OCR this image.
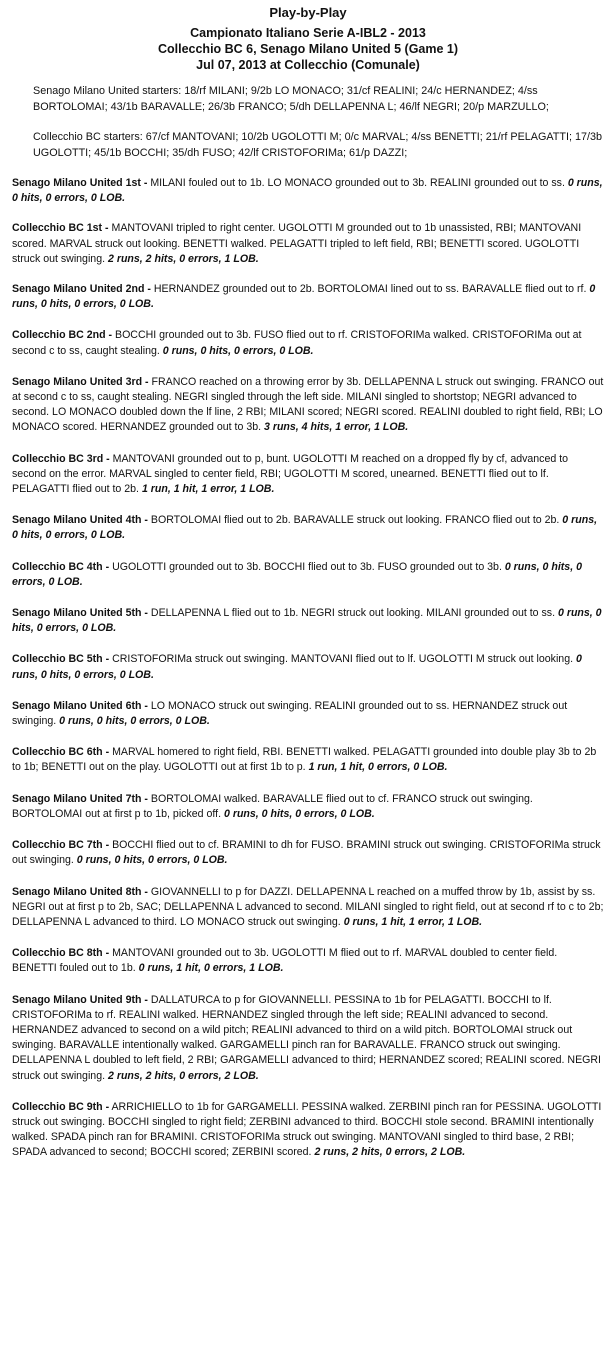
Play-by-Play
Campionato Italiano Serie A-IBL2 - 2013
Collecchio BC 6, Senago Milano United 5 (Game 1)
Jul 07, 2013 at Collecchio (Comunale)

Senago Milano United starters: 18/rf MILANI; 9/2b LO MONACO; 31/cf REALINI; 24/c HERNANDEZ; 4/ss BORTOLOMAI; 43/1b BARAVALLE; 26/3b FRANCO; 5/dh DELLAPENNA L; 46/lf NEGRI; 20/p MARZULLO;

Collecchio BC starters: 67/cf MANTOVANI; 10/2b UGOLOTTI M; 0/c MARVAL; 4/ss BENETTI; 21/rf PELAGATTI; 17/3b UGOLOTTI; 45/1b BOCCHI; 35/dh FUSO; 42/lf CRISTOFORIMa; 61/p DAZZI;

Senago Milano United 1st - MILANI fouled out to 1b. LO MONACO grounded out to 3b. REALINI grounded out to ss. 0 runs, 0 hits, 0 errors, 0 LOB.
Collecchio BC 1st - MANTOVANI tripled to right center. UGOLOTTI M grounded out to 1b unassisted, RBI; MANTOVANI scored. MARVAL struck out looking. BENETTI walked. PELAGATTI tripled to left field, RBI; BENETTI scored. UGOLOTTI struck out swinging. 2 runs, 2 hits, 0 errors, 1 LOB.
Senago Milano United 2nd - HERNANDEZ grounded out to 2b. BORTOLOMAI lined out to ss. BARAVALLE flied out to rf. 0 runs, 0 hits, 0 errors, 0 LOB.
Collecchio BC 2nd - BOCCHI grounded out to 3b. FUSO flied out to rf. CRISTOFORIMa walked. CRISTOFORIMa out at second c to ss, caught stealing. 0 runs, 0 hits, 0 errors, 0 LOB.
Senago Milano United 3rd - FRANCO reached on a throwing error by 3b. DELLAPENNA L struck out swinging. FRANCO out at second c to ss, caught stealing. NEGRI singled through the left side. MILANI singled to shortstop; NEGRI advanced to second. LO MONACO doubled down the lf line, 2 RBI; MILANI scored; NEGRI scored. REALINI doubled to right field, RBI; LO MONACO scored. HERNANDEZ grounded out to 3b. 3 runs, 4 hits, 1 error, 1 LOB.
Collecchio BC 3rd - MANTOVANI grounded out to p, bunt. UGOLOTTI M reached on a dropped fly by cf, advanced to second on the error. MARVAL singled to center field, RBI; UGOLOTTI M scored, unearned. BENETTI flied out to lf. PELAGATTI flied out to 2b. 1 run, 1 hit, 1 error, 1 LOB.
Senago Milano United 4th - BORTOLOMAI flied out to 2b. BARAVALLE struck out looking. FRANCO flied out to 2b. 0 runs, 0 hits, 0 errors, 0 LOB.
Collecchio BC 4th - UGOLOTTI grounded out to 3b. BOCCHI flied out to 3b. FUSO grounded out to 3b. 0 runs, 0 hits, 0 errors, 0 LOB.
Senago Milano United 5th - DELLAPENNA L flied out to 1b. NEGRI struck out looking. MILANI grounded out to ss. 0 runs, 0 hits, 0 errors, 0 LOB.
Collecchio BC 5th - CRISTOFORIMa struck out swinging. MANTOVANI flied out to lf. UGOLOTTI M struck out looking. 0 runs, 0 hits, 0 errors, 0 LOB.
Senago Milano United 6th - LO MONACO struck out swinging. REALINI grounded out to ss. HERNANDEZ struck out swinging. 0 runs, 0 hits, 0 errors, 0 LOB.
Collecchio BC 6th - MARVAL homered to right field, RBI. BENETTI walked. PELAGATTI grounded into double play 3b to 2b to 1b; BENETTI out on the play. UGOLOTTI out at first 1b to p. 1 run, 1 hit, 0 errors, 0 LOB.
Senago Milano United 7th - BORTOLOMAI walked. BARAVALLE flied out to cf. FRANCO struck out swinging. BORTOLOMAI out at first p to 1b, picked off. 0 runs, 0 hits, 0 errors, 0 LOB.
Collecchio BC 7th - BOCCHI flied out to cf. BRAMINI to dh for FUSO. BRAMINI struck out swinging. CRISTOFORIMa struck out swinging. 0 runs, 0 hits, 0 errors, 0 LOB.
Senago Milano United 8th - GIOVANNELLI to p for DAZZI. DELLAPENNA L reached on a muffed throw by 1b, assist by ss. NEGRI out at first p to 2b, SAC; DELLAPENNA L advanced to second. MILANI singled to right field, out at second rf to c to 2b; DELLAPENNA L advanced to third. LO MONACO struck out swinging. 0 runs, 1 hit, 1 error, 1 LOB.
Collecchio BC 8th - MANTOVANI grounded out to 3b. UGOLOTTI M flied out to rf. MARVAL doubled to center field. BENETTI fouled out to 1b. 0 runs, 1 hit, 0 errors, 1 LOB.
Senago Milano United 9th - DALLATURCA to p for GIOVANNELLI. PESSINA to 1b for PELAGATTI. BOCCHI to lf. CRISTOFORIMa to rf. REALINI walked. HERNANDEZ singled through the left side; REALINI advanced to second. HERNANDEZ advanced to second on a wild pitch; REALINI advanced to third on a wild pitch. BORTOLOMAI struck out swinging. BARAVALLE intentionally walked. GARGAMELLI pinch ran for BARAVALLE. FRANCO struck out swinging. DELLAPENNA L doubled to left field, 2 RBI; GARGAMELLI advanced to third; HERNANDEZ scored; REALINI scored. NEGRI struck out swinging. 2 runs, 2 hits, 0 errors, 2 LOB.
Collecchio BC 9th - ARRICHIELLO to 1b for GARGAMELLI. PESSINA walked. ZERBINI pinch ran for PESSINA. UGOLOTTI struck out swinging. BOCCHI singled to right field; ZERBINI advanced to third. BOCCHI stole second. BRAMINI intentionally walked. SPADA pinch ran for BRAMINI. CRISTOFORIMa struck out swinging. MANTOVANI singled to third base, 2 RBI; SPADA advanced to second; BOCCHI scored; ZERBINI scored. 2 runs, 2 hits, 0 errors, 2 LOB.
